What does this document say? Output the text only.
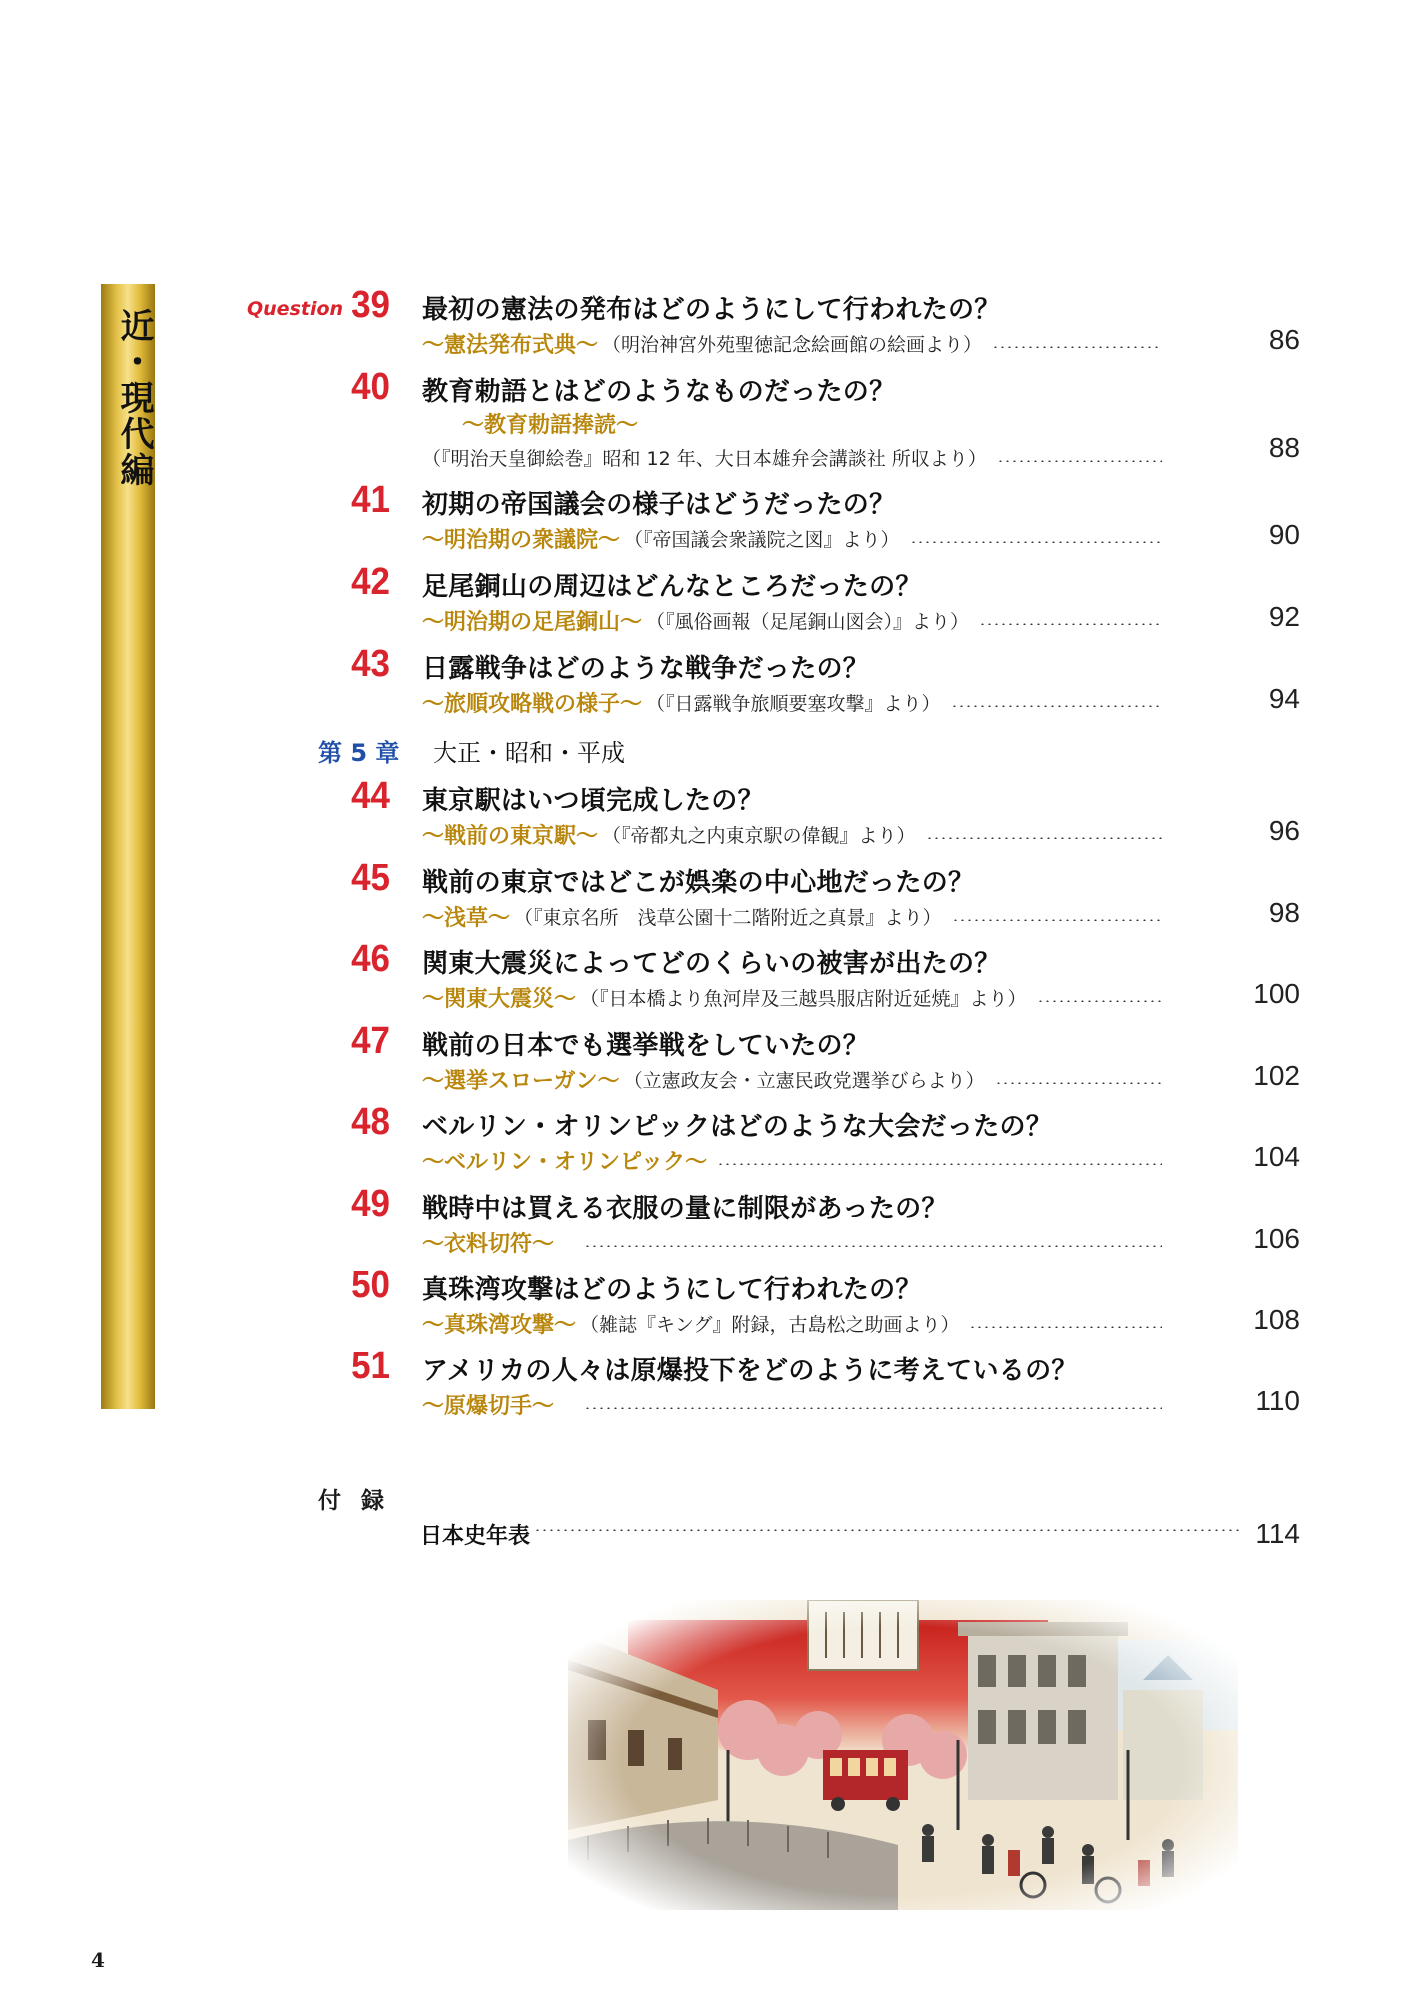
近・現代編	Question 39 最初の憲法の発布はどのようにして行われたの？
〜憲法発布式典〜 （明治神宮外苑聖徳記念絵画館の絵画より）	86
40 教育勅語とはどのようなものだったの？
〜教育勅語捧読〜
（『明治天皇御絵巻』昭和 12 年、大日本雄弁会講談社 所収より）	88
41 初期の帝国議会の様子はどうだったの？
〜明治期の衆議院〜 （『帝国議会衆議院之図』より）	90
42 足尾銅山の周辺はどんなところだったの？
〜明治期の足尾銅山〜 （『風俗画報（足尾銅山図会）』より）	92
43 日露戦争はどのような戦争だったの？
〜旅順攻略戦の様子〜 （『日露戦争旅順要塞攻撃』より）	94
第 5 章 大正・昭和・平成
44 東京駅はいつ頃完成したの？
〜戦前の東京駅〜 （『帝都丸之内東京駅の偉観』より）	96
45 戦前の東京ではどこが娯楽の中心地だったの？
〜浅草〜 （『東京名所　浅草公園十二階附近之真景』より）	98
46 関東大震災によってどのくらいの被害が出たの？
〜関東大震災〜 （『日本橋より魚河岸及三越呉服店附近延焼』より）	100
47 戦前の日本でも選挙戦をしていたの？
〜選挙スローガン〜 （立憲政友会・立憲民政党選挙びらより）	102
48 ベルリン・オリンピックはどのような大会だったの？
〜ベルリン・オリンピック〜	104
49 戦時中は買える衣服の量に制限があったの？
〜衣料切符〜	106
50 真珠湾攻撃はどのようにして行われたの？
〜真珠湾攻撃〜 （雑誌『キング』附録，古島松之助画より）	108
51 アメリカの人々は原爆投下をどのように考えているの？
〜原爆切手〜	110
付 録
日本史年表	114
4
